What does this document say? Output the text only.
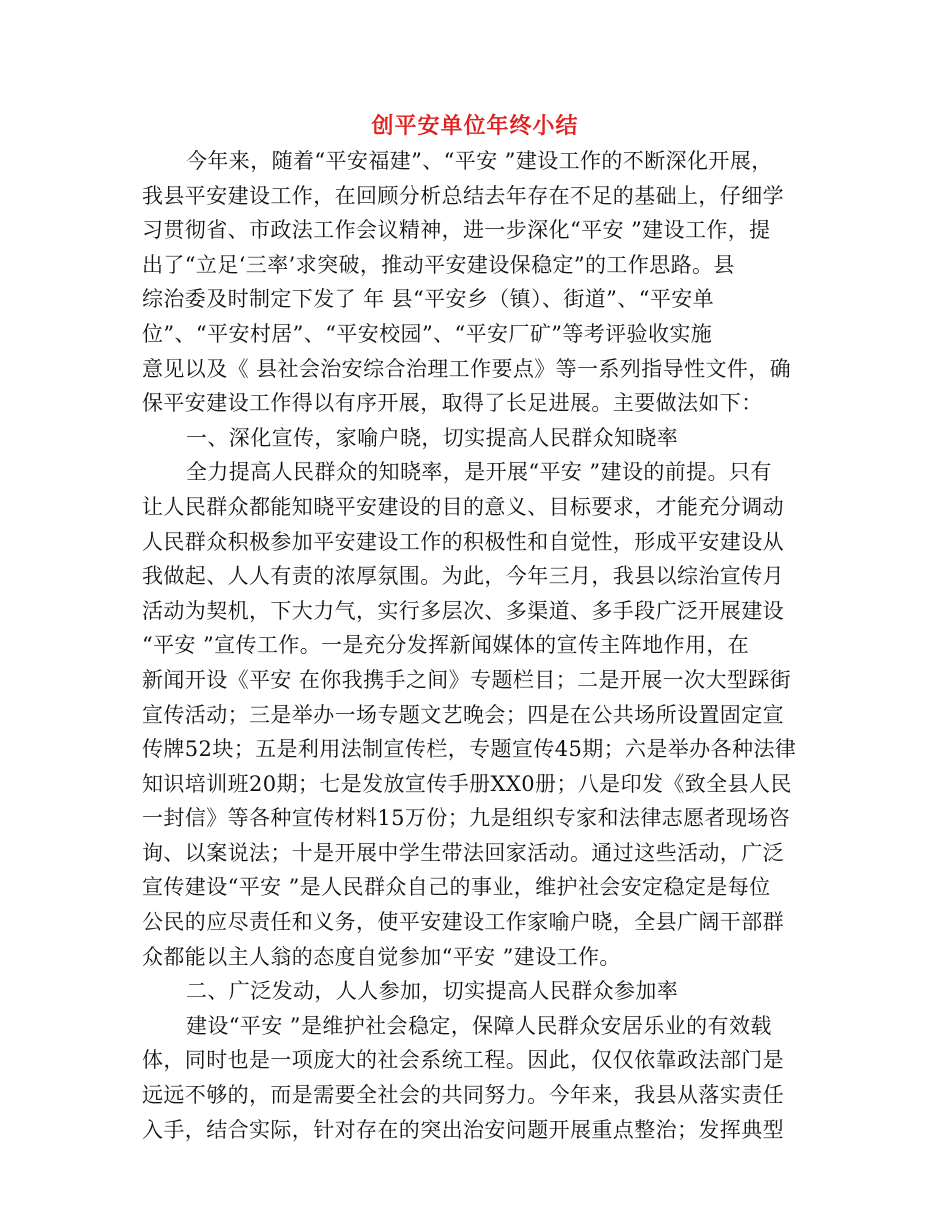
创平安单位年终小结
今年来，随着“平安福建”、“平安 ”建设工作的不断深化开展，
我县平安建设工作，在回顾分析总结去年存在不足的基础上，仔细学
习贯彻省、市政法工作会议精神，进一步深化“平安 ”建设工作，提
出了“立足‘三率’求突破，推动平安建设保稳定”的工作思路。县
综治委及时制定下发了 年 县“平安乡（镇）、街道”、“平安单
位”、“平安村居”、“平安校园”、“平安厂矿”等考评验收实施
意见以及《 县社会治安综合治理工作要点》等一系列指导性文件，确
保平安建设工作得以有序开展，取得了长足进展。主要做法如下：
一、深化宣传，家喻户晓，切实提高人民群众知晓率
全力提高人民群众的知晓率，是开展“平安 ”建设的前提。只有
让人民群众都能知晓平安建设的目的意义、目标要求，才能充分调动
人民群众积极参加平安建设工作的积极性和自觉性，形成平安建设从
我做起、人人有责的浓厚氛围。为此，今年三月，我县以综治宣传月
活动为契机，下大力气，实行多层次、多渠道、多手段广泛开展建设
“平安 ”宣传工作。一是充分发挥新闻媒体的宣传主阵地作用，在
新闻开设《平安 在你我携手之间》专题栏目；二是开展一次大型踩街
宣传活动；三是举办一场专题文艺晚会；四是在公共场所设置固定宣
传牌52块；五是利用法制宣传栏，专题宣传45期；六是举办各种法律
知识培训班20期；七是发放宣传手册XX0册；八是印发《致全县人民
一封信》等各种宣传材料15万份；九是组织专家和法律志愿者现场咨
询、以案说法；十是开展中学生带法回家活动。通过这些活动，广泛
宣传建设“平安 ”是人民群众自己的事业，维护社会安定稳定是每位
公民的应尽责任和义务，使平安建设工作家喻户晓，全县广阔干部群
众都能以主人翁的态度自觉参加“平安 ”建设工作。
二、广泛发动，人人参加，切实提高人民群众参加率
建设“平安 ”是维护社会稳定，保障人民群众安居乐业的有效载
体，同时也是一项庞大的社会系统工程。因此，仅仅依靠政法部门是
远远不够的，而是需要全社会的共同努力。今年来，我县从落实责任
入手，结合实际，针对存在的突出治安问题开展重点整治；发挥典型
